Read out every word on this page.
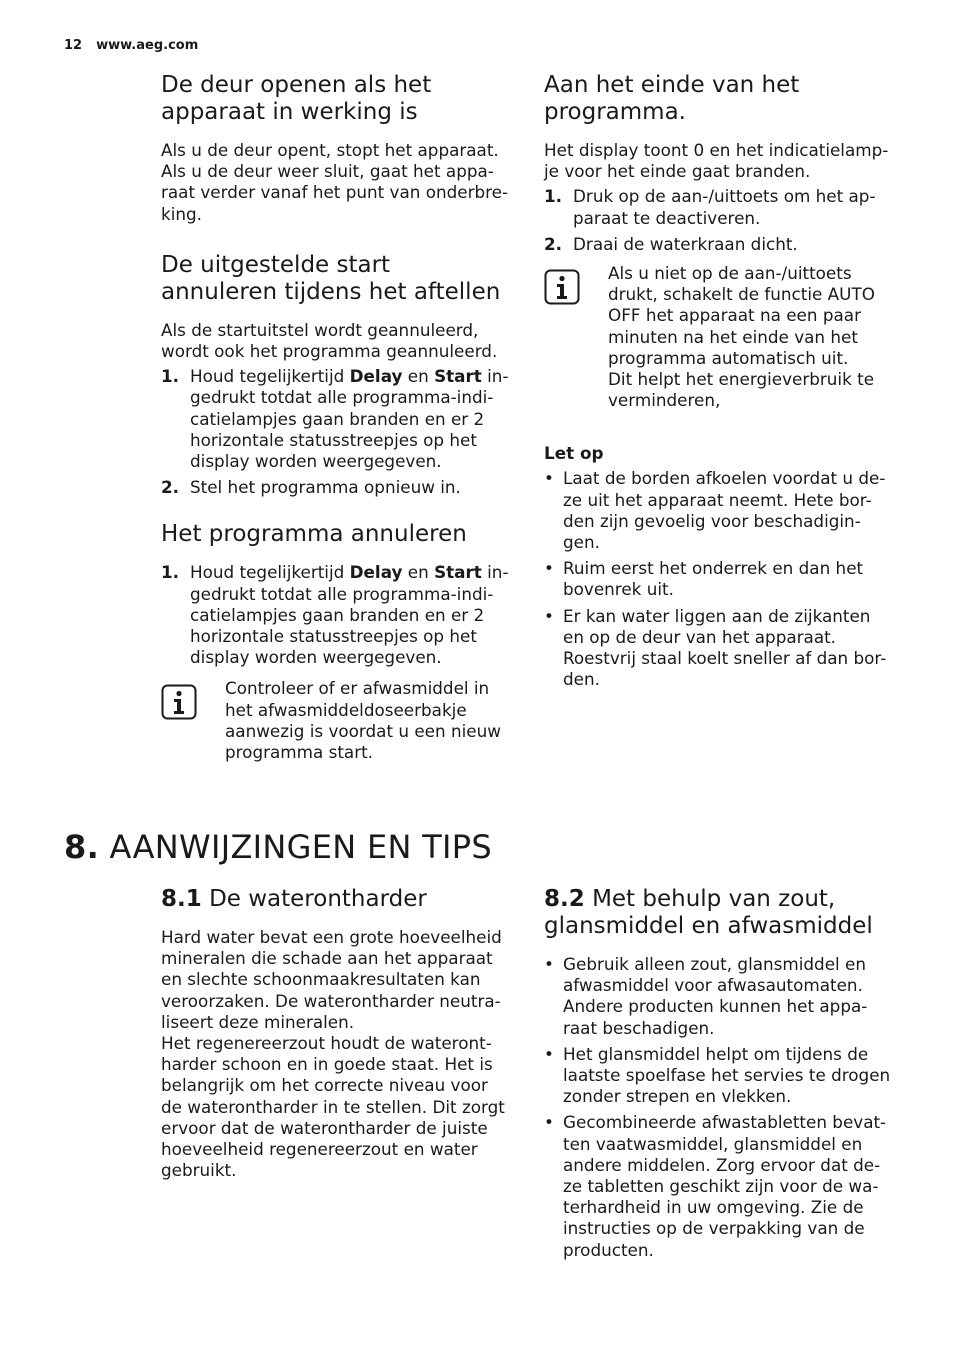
12 www.aeg.com
De deur openen als het apparaat in werking is

Als u de deur opent, stopt het apparaat. Als u de deur weer sluit, gaat het appa-raat verder vanaf het punt van onderbre-king.

De uitgestelde start annuleren tijdens het aftellen

Als de startuitstel wordt geannuleerd, wordt ook het programma geannuleerd.

1. Houd tegelijkertijd Delay en Start in-gedrukt totdat alle programma-indi-catielampjes gaan branden en er 2 horizontale statusstreepjes op het display worden weergegeven.
2. Stel het programma opnieuw in.
Het programma annuleren
1. Houd tegelijkertijd Delay en Start in-gedrukt totdat alle programma-indi-catielampjes gaan branden en er 2 horizontale statusstreepjes op het display worden weergegeven.
Controleer of er afwasmiddel in het afwasmiddeldoseerbakje aanwezig is voordat u een nieuw programma start.
Aan het einde van het programma.

Het display toont 0 en het indicatielamp-je voor het einde gaat branden.

1. Druk op de aan-/uittoets om het ap-paraat te deactiveren.
2. Draai de waterkraan dicht.
Als u niet op de aan-/uittoets drukt, schakelt de functie AUTO OFF het apparaat na een paar minuten na het einde van het programma automatisch uit.
Dit helpt het energieverbruik te verminderen,

Let op

• Laat de borden afkoelen voordat u de-ze uit het apparaat neemt. Hete bor-den zijn gevoelig voor beschadigin-gen.
• Ruim eerst het onderrek en dan het bovenrek uit.
• Er kan water liggen aan de zijkanten en op de deur van het apparaat. Roestvrij staal koelt sneller af dan bor-den.
8. AANWIJZINGEN EN TIPS
8.1 De waterontharder

Hard water bevat een grote hoeveelheid mineralen die schade aan het apparaat en slechte schoonmaakresultaten kan veroorzaken. De waterontharder neutra-liseert deze mineralen.

Het regenereerzout houdt de wateront-harder schoon en in goede staat. Het is belangrijk om het correcte niveau voor de waterontharder in te stellen. Dit zorgt ervoor dat de waterontharder de juiste hoeveelheid regenereerzout en water gebruikt.

8.2 Met behulp van zout, glansmiddel en afwasmiddel
• Gebruik alleen zout, glansmiddel en afwasmiddel voor afwasautomaten. Andere producten kunnen het appa-raat beschadigen.
• Het glansmiddel helpt om tijdens de laatste spoelfase het servies te drogen zonder strepen en vlekken.
• Gecombineerde afwastabletten bevat-ten vaatwasmiddel, glansmiddel en andere middelen. Zorg ervoor dat de-ze tabletten geschikt zijn voor de wa-terhardheid in uw omgeving. Zie de instructies op de verpakking van de producten.
